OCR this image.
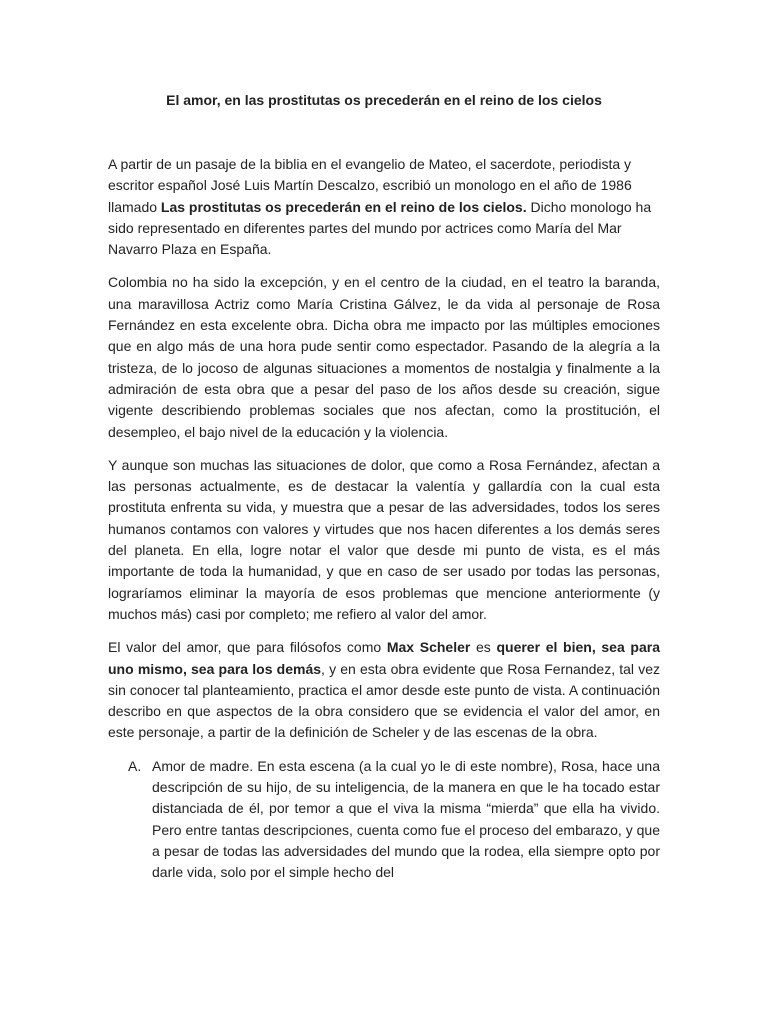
El amor, en las prostitutas os precederán en el reino de los cielos

A partir de un pasaje de la biblia en el evangelio de Mateo, el sacerdote, periodista y escritor español José Luis Martín Descalzo, escribió un monologo en el año de 1986 llamado Las prostitutas os precederán en el reino de los cielos. Dicho monologo ha sido representado en diferentes partes del mundo por actrices como María del Mar Navarro Plaza en España.

Colombia no ha sido la excepción, y en el centro de la ciudad, en el teatro la baranda, una maravillosa Actriz como María Cristina Gálvez, le da vida al personaje de Rosa Fernández en esta excelente obra. Dicha obra me impacto por las múltiples emociones que en algo más de una hora pude sentir como espectador. Pasando de la alegría a la tristeza, de lo jocoso de algunas situaciones a momentos de nostalgia y finalmente a la admiración de esta obra que a pesar del paso de los años desde su creación, sigue vigente describiendo problemas sociales que nos afectan, como la prostitución, el desempleo, el bajo nivel de la educación y la violencia.

Y aunque son muchas las situaciones de dolor, que como a Rosa Fernández, afectan a las personas actualmente, es de destacar la valentía y gallardía con la cual esta prostituta enfrenta su vida, y muestra que a pesar de las adversidades, todos los seres humanos contamos con valores y virtudes que nos hacen diferentes a los demás seres del planeta. En ella, logre notar el valor que desde mi punto de vista, es el más importante de toda la humanidad, y que en caso de ser usado por todas las personas, lograríamos eliminar la mayoría de esos problemas que mencione anteriormente (y muchos más) casi por completo; me refiero al valor del amor.

El valor del amor, que para filósofos como Max Scheler es querer el bien, sea para uno mismo, sea para los demás, y en esta obra evidente que Rosa Fernandez, tal vez sin conocer tal planteamiento, practica el amor desde este punto de vista. A continuación describo en que aspectos de la obra considero que se evidencia el valor del amor, en este personaje, a partir de la definición de Scheler y de las escenas de la obra.

A. Amor de madre. En esta escena (a la cual yo le di este nombre), Rosa, hace una descripción de su hijo, de su inteligencia, de la manera en que le ha tocado estar distanciada de él, por temor a que el viva la misma “mierda” que ella ha vivido. Pero entre tantas descripciones, cuenta como fue el proceso del embarazo, y que a pesar de todas las adversidades del mundo que la rodea, ella siempre opto por darle vida, solo por el simple hecho del
